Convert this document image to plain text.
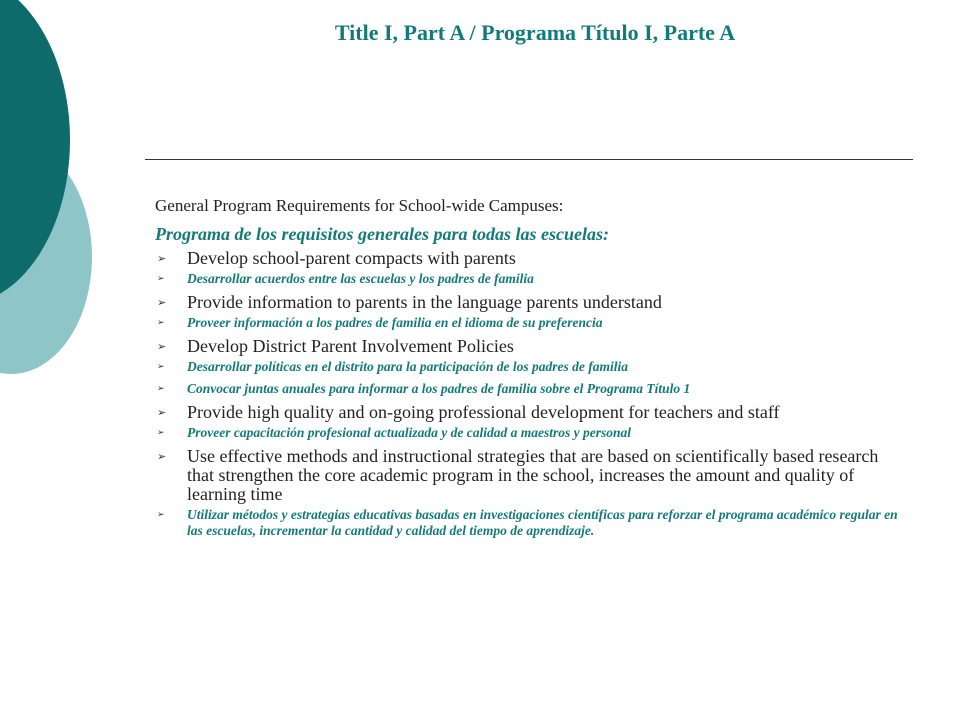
Title I, Part A / Programa Título I, Parte A

General Program Requirements for School-wide Campuses:

Programa de los requisitos generales para todas las escuelas:

➢ Develop school-parent compacts with parents
➢ Desarrollar acuerdos entre las escuelas y los padres de familia
➢ Provide information to parents in the language parents understand
➢ Proveer información a los padres de familia en el idioma de su preferencia
➢ Develop District Parent Involvement Policies
➢ Desarrollar políticas en el distrito para la participación de los padres de familia
➢ Convocar juntas anuales para informar a los padres de familia sobre el Programa Título 1
➢ Provide high quality and on-going professional development for teachers and staff
➢ Proveer capacitación profesional actualizada y de calidad a maestros y personal
➢ Use effective methods and instructional strategies that are based on scientifically based research that strengthen the core academic program in the school, increases the amount and quality of learning time
➢ Utilizar métodos y estrategias educativas basadas en investigaciones científicas para reforzar el programa académico regular en las escuelas, incrementar la cantidad y calidad del tiempo de aprendizaje.
